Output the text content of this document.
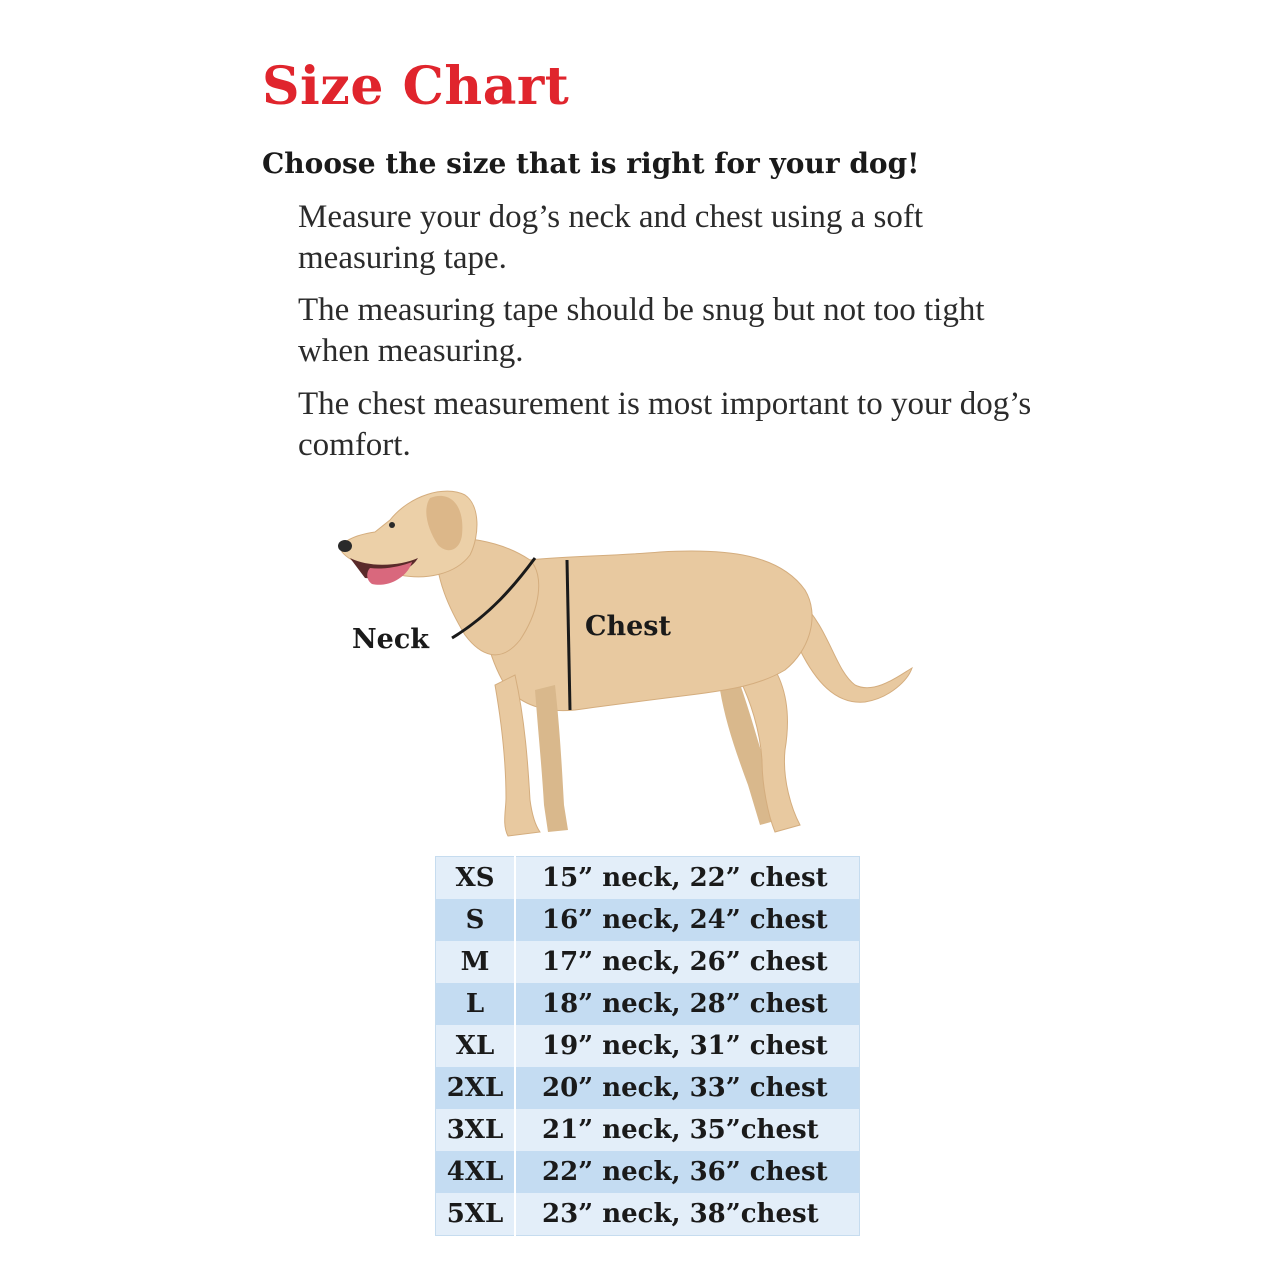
Size Chart
Choose the size that is right for your dog!

Measure your dog’s neck and chest using a soft measuring tape.

The measuring tape should be snug but not too tight when measuring.

The chest measurement is most important to your dog’s comfort.

Neck	Chest

XS	15” neck, 22” chest
S	16” neck, 24” chest
M	17” neck, 26” chest
L	18” neck, 28” chest
XL	19” neck, 31” chest
2XL	20” neck, 33” chest
3XL	21” neck, 35”chest
4XL	22” neck, 36” chest
5XL	23” neck, 38”chest
